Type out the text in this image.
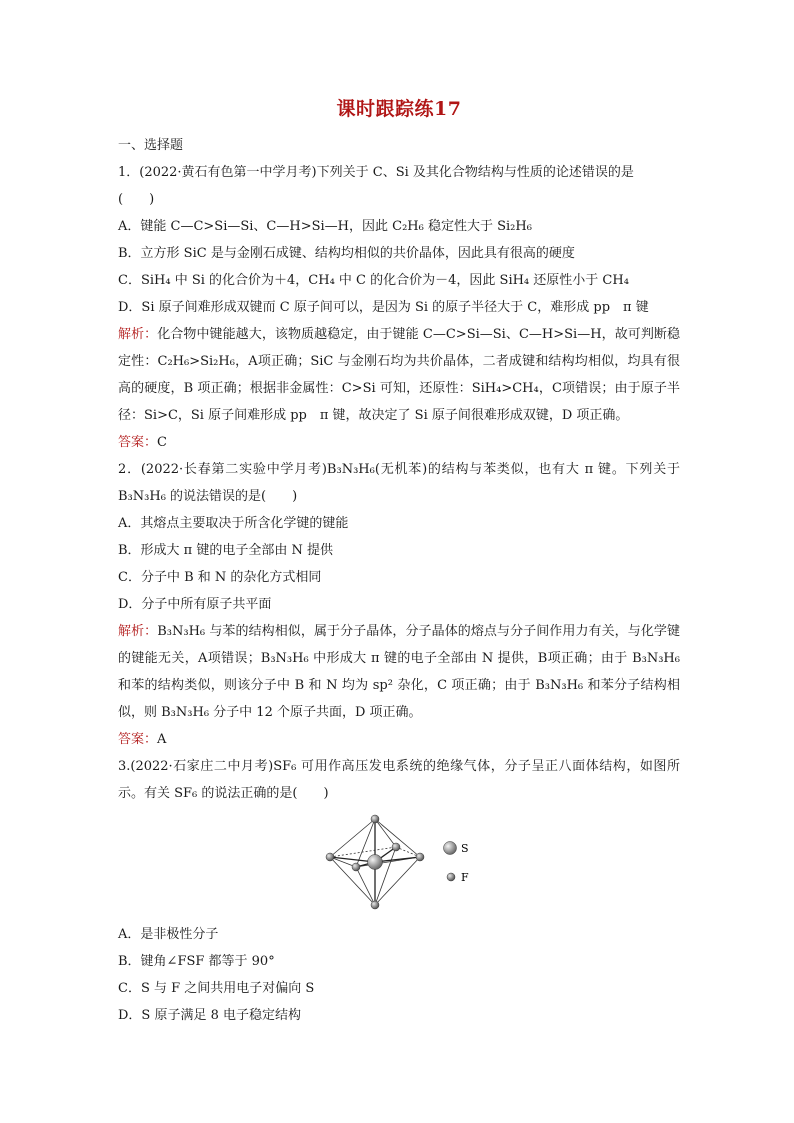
课时跟踪练17
一、选择题
1．(2022·黄石有色第一中学月考)下列关于 C、Si 及其化合物结构与性质的论述错误的是
(　　)
A．键能 C—C>Si—Si、C—H>Si—H，因此 C₂H₆ 稳定性大于 Si₂H₆
B．立方形 SiC 是与金刚石成键、结构均相似的共价晶体，因此具有很高的硬度
C．SiH₄ 中 Si 的化合价为＋4，CH₄ 中 C 的化合价为－4，因此 SiH₄ 还原性小于 CH₄
D．Si 原子间难形成双键而 C 原子间可以，是因为 Si 的原子半径大于 C，难形成 pp　π 键
解析：化合物中键能越大，该物质越稳定，由于键能 C—C>Si—Si、C—H>Si—H，故可判断稳定性：C₂H₆>Si₂H₆，A项正确；SiC 与金刚石均为共价晶体，二者成键和结构均相似，均具有很高的硬度，B 项正确；根据非金属性：C>Si 可知，还原性：SiH₄>CH₄，C项错误；由于原子半径：Si>C，Si 原子间难形成 pp　π 键，故决定了 Si 原子间很难形成双键，D 项正确。
答案：C
2．(2022·长春第二实验中学月考)B₃N₃H₆(无机苯)的结构与苯类似，也有大 π 键。下列关于 B₃N₃H₆ 的说法错误的是(　　)
A．其熔点主要取决于所含化学键的键能
B．形成大 π 键的电子全部由 N 提供
C．分子中 B 和 N 的杂化方式相同
D．分子中所有原子共平面
解析：B₃N₃H₆ 与苯的结构相似，属于分子晶体，分子晶体的熔点与分子间作用力有关，与化学键的键能无关，A项错误；B₃N₃H₆ 中形成大 π 键的电子全部由 N 提供，B项正确；由于 B₃N₃H₆ 和苯的结构类似，则该分子中 B 和 N 均为 sp² 杂化，C 项正确；由于 B₃N₃H₆ 和苯分子结构相似，则 B₃N₃H₆ 分子中 12 个原子共面，D 项正确。
答案：A
3.(2022·石家庄二中月考)SF₆ 可用作高压发电系统的绝缘气体，分子呈正八面体结构，如图所示。有关 SF₆ 的说法正确的是(　　)
S
F
A．是非极性分子
B．键角∠FSF 都等于 90°
C．S 与 F 之间共用电子对偏向 S
D．S 原子满足 8 电子稳定结构
